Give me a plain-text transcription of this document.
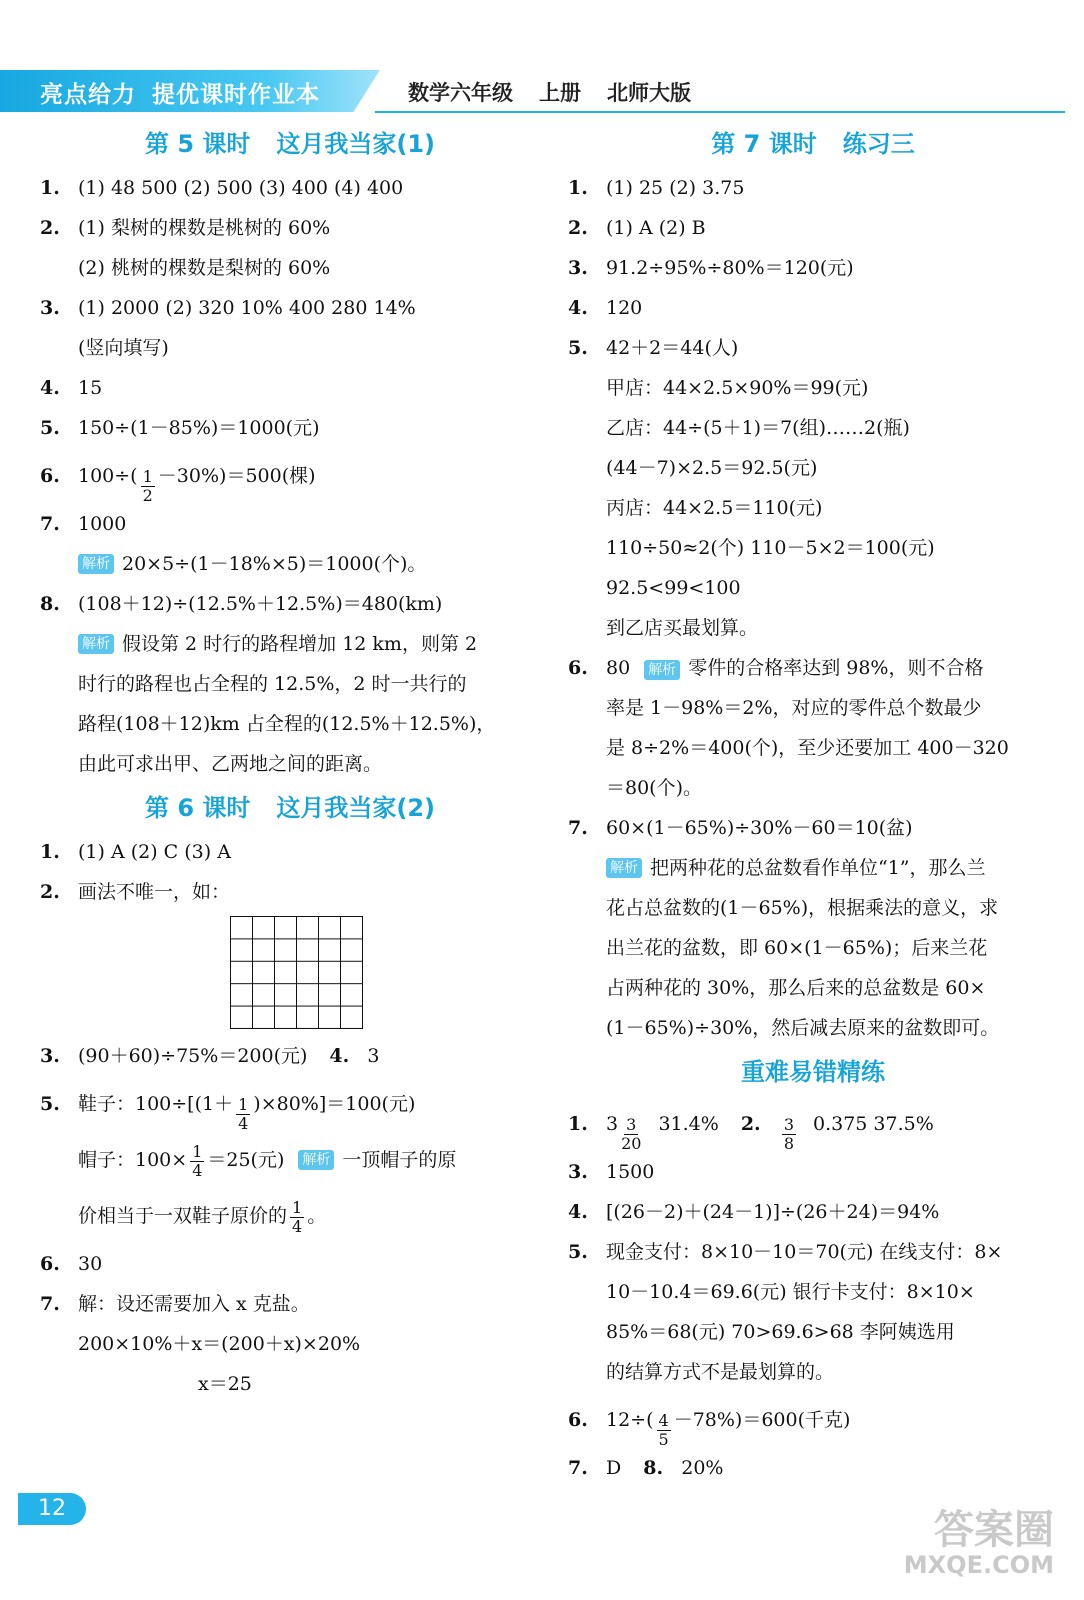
亮点给力 提优课时作业本	数学六年级 上册 北师大版
第 5 课时 这月我当家(1)
1. (1) 48 500 (2) 500 (3) 400 (4) 400
2. (1) 梨树的棵数是桃树的 60%
(2) 桃树的棵数是梨树的 60%
3. (1) 2000 (2) 320 10% 400 280 14%
(竖向填写)
4. 15
5. 150÷(1－85%)＝1000(元)
6. $100\div( \frac{1}{2} -30\%)=500$(棵)
7. 1000
解析 20×5÷(1－18%×5)＝1000(个)。
8. (108＋12)÷(12.5%＋12.5%)＝480(km)
解析 假设第 2 时行的路程增加 12 km，则第 2
时行的路程也占全程的 12.5%，2 时一共行的
路程(108＋12)km 占全程的(12.5%＋12.5%)，
由此可求出甲、乙两地之间的距离。
第 6 课时 这月我当家(2)
1. (1) A (2) C (3) A
2. 画法不唯一，如：
3. (90＋60)÷75%＝200(元) 4. 3
5. 鞋子：$100\div[(1+ \frac{1}{4} )\times 80\%]=100$(元)
帽子：$100\times \frac{1}{4} =25$(元) 解析 一顶帽子的原
价相当于一双鞋子原价的 $\frac{1}{4}$ 。
6. 30
7. 解：设还需要加入 x 克盐。
200×10%＋x＝(200＋x)×20%
x＝25
第 7 课时 练习三
1. (1) 25 (2) 3.75
2. (1) A (2) B
3. 91.2÷95%÷80%＝120(元)
4. 120
5. 42＋2＝44(人)
甲店：44×2.5×90%＝99(元)
乙店：44÷(5＋1)＝7(组)……2(瓶)
(44－7)×2.5＝92.5(元)
丙店：44×2.5＝110(元)
110÷50≈2(个) 110－5×2＝100(元)
92.5<99<100
到乙店买最划算。
6. 80 解析 零件的合格率达到 98%，则不合格
率是 1－98%＝2%，对应的零件总个数最少
是 8÷2%＝400(个)，至少还要加工 400－320
＝80(个)。
7. 60×(1－65%)÷30%－60＝10(盆)
解析 把两种花的总盆数看作单位“1”，那么兰
花占总盆数的(1－65%)，根据乘法的意义，求
出兰花的盆数，即 60×(1－65%)；后来兰花
占两种花的 30%，那么后来的总盆数是 60×
(1－65%)÷30%，然后减去原来的盆数即可。
重难易错精练
1. $3 \frac{3}{20} 31.4\%$ 2.	$\frac{3}{8} 0.375$ 37.5%
3. 1500
4. [(26－2)＋(24－1)]÷(26＋24)＝94%
5. 现金支付：8×10－10＝70(元) 在线支付：8×
10－10.4＝69.6(元) 银行卡支付：8×10×
85%＝68(元) 70>69.6>68 李阿姨选用
的结算方式不是最划算的。
6. $12\div( \frac{4}{5} -78\%)=600$(千克)
7. D 8. 20%
12	答案圈
MXQE.COM
